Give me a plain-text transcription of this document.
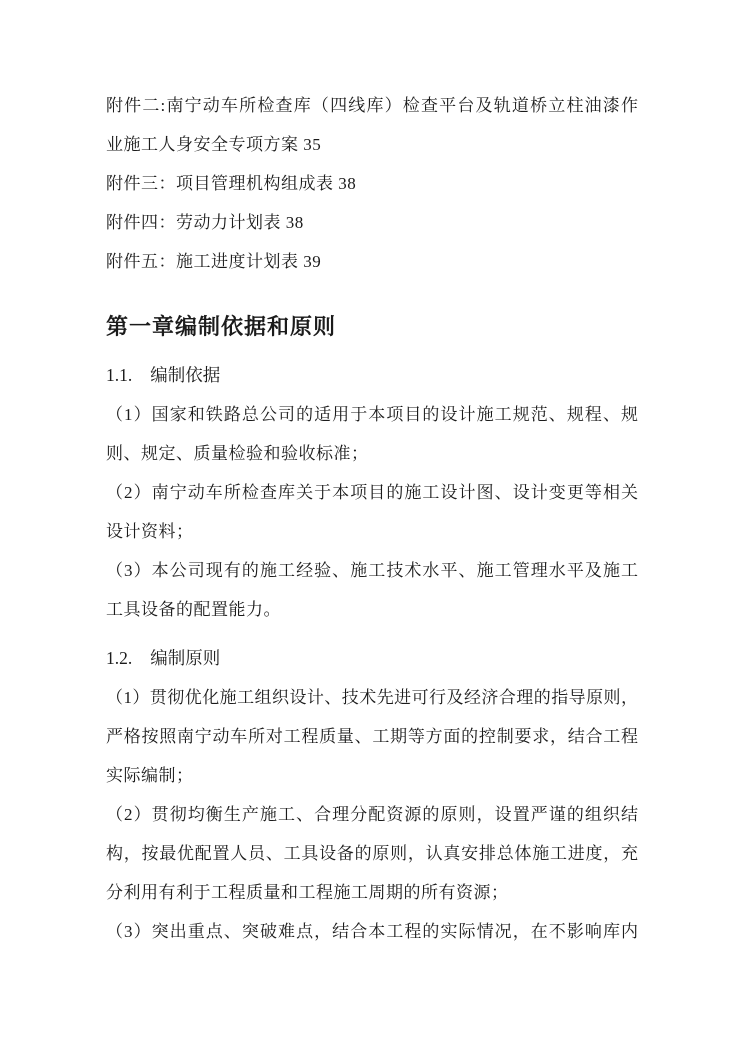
附件二:南宁动车所检查库（四线库）检查平台及轨道桥立柱油漆作
业施工人身安全专项方案 35
附件三：项目管理机构组成表 38
附件四：劳动力计划表 38
附件五：施工进度计划表 39
第一章编制依据和原则
1.1. 编制依据
（1）国家和铁路总公司的适用于本项目的设计施工规范、规程、规
则、规定、质量检验和验收标准；
（2）南宁动车所检查库关于本项目的施工设计图、设计变更等相关
设计资料；
（3）本公司现有的施工经验、施工技术水平、施工管理水平及施工
工具设备的配置能力。
1.2. 编制原则
（1）贯彻优化施工组织设计、技术先进可行及经济合理的指导原则，
严格按照南宁动车所对工程质量、工期等方面的控制要求，结合工程
实际编制；
（2）贯彻均衡生产施工、合理分配资源的原则，设置严谨的组织结
构，按最优配置人员、工具设备的原则，认真安排总体施工进度，充
分利用有利于工程质量和工程施工周期的所有资源；
（3）突出重点、突破难点，结合本工程的实际情况，在不影响库内
